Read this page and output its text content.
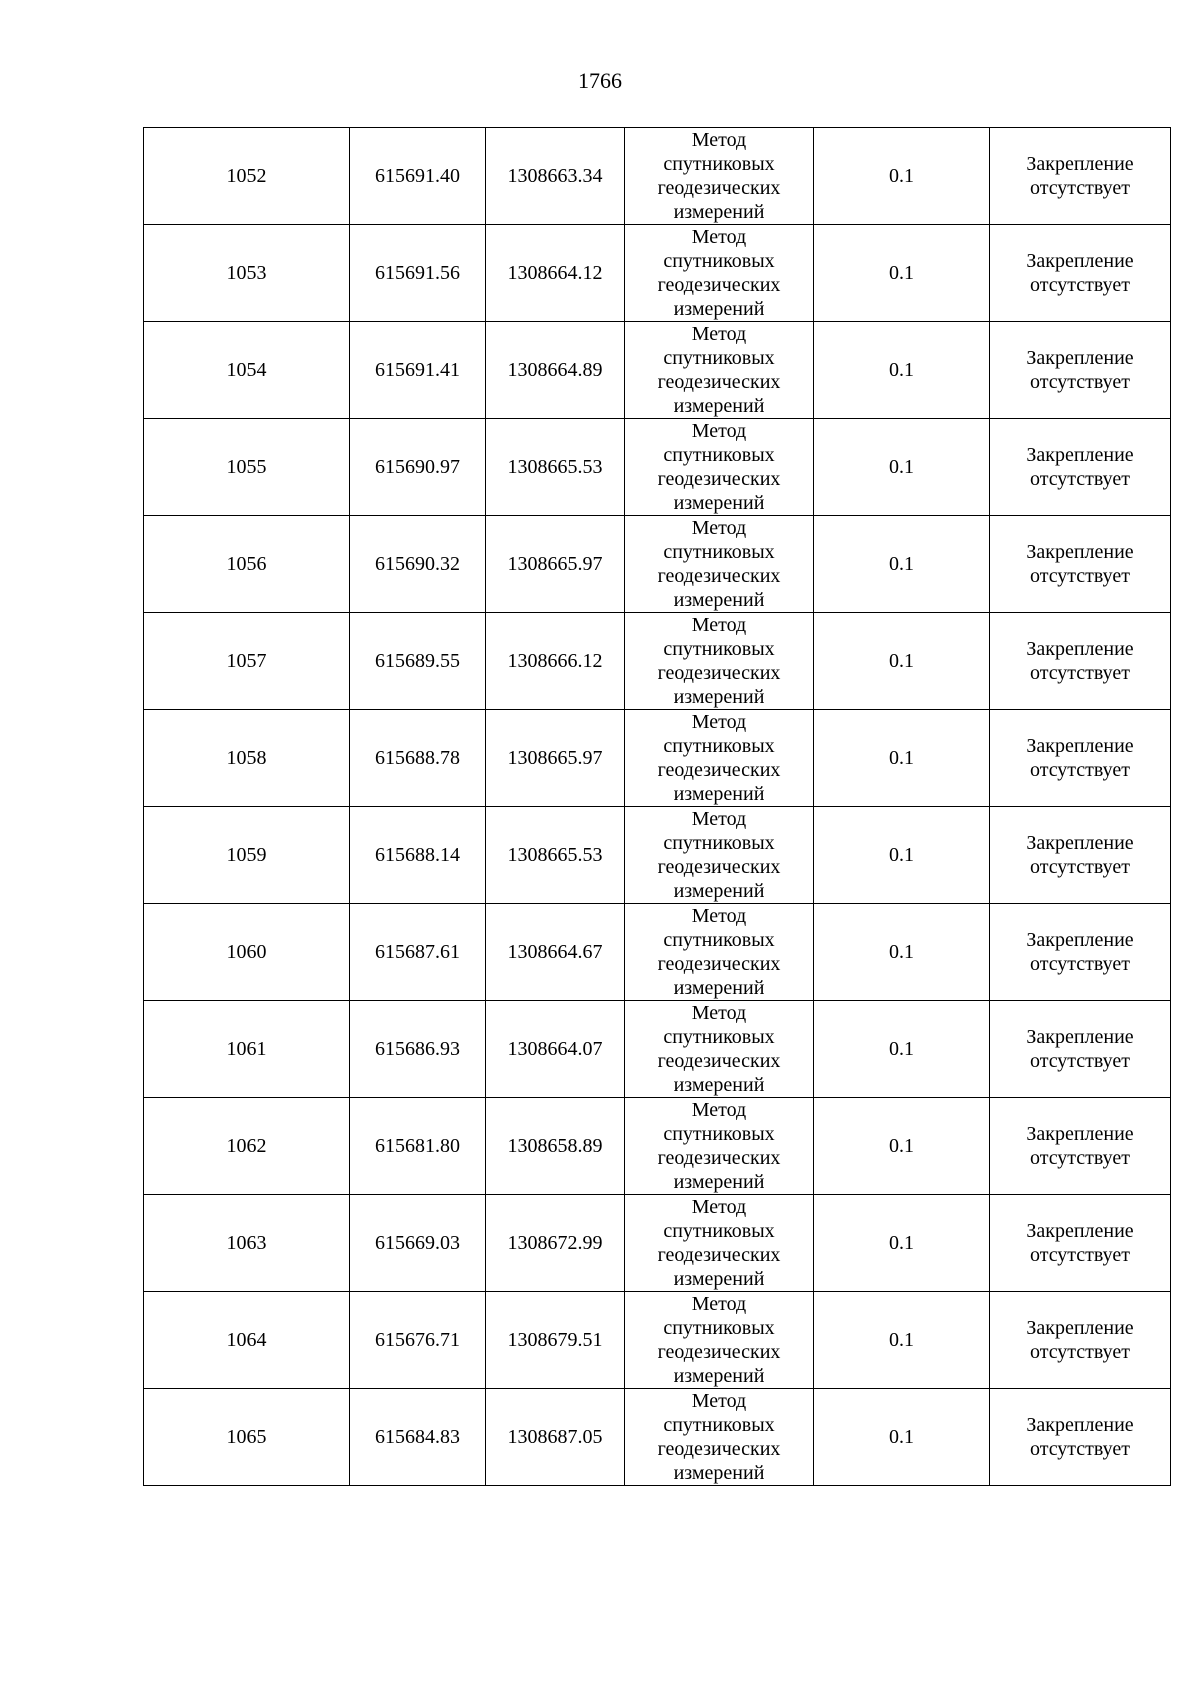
1766
1052	615691.40	1308663.34	Метод
спутниковых
геодезических
измерений	0.1	Закрепление
отсутствует
1053	615691.56	1308664.12	Метод
спутниковых
геодезических
измерений	0.1	Закрепление
отсутствует
1054	615691.41	1308664.89	Метод
спутниковых
геодезических
измерений	0.1	Закрепление
отсутствует
1055	615690.97	1308665.53	Метод
спутниковых
геодезических
измерений	0.1	Закрепление
отсутствует
1056	615690.32	1308665.97	Метод
спутниковых
геодезических
измерений	0.1	Закрепление
отсутствует
1057	615689.55	1308666.12	Метод
спутниковых
геодезических
измерений	0.1	Закрепление
отсутствует
1058	615688.78	1308665.97	Метод
спутниковых
геодезических
измерений	0.1	Закрепление
отсутствует
1059	615688.14	1308665.53	Метод
спутниковых
геодезических
измерений	0.1	Закрепление
отсутствует
1060	615687.61	1308664.67	Метод
спутниковых
геодезических
измерений	0.1	Закрепление
отсутствует
1061	615686.93	1308664.07	Метод
спутниковых
геодезических
измерений	0.1	Закрепление
отсутствует
1062	615681.80	1308658.89	Метод
спутниковых
геодезических
измерений	0.1	Закрепление
отсутствует
1063	615669.03	1308672.99	Метод
спутниковых
геодезических
измерений	0.1	Закрепление
отсутствует
1064	615676.71	1308679.51	Метод
спутниковых
геодезических
измерений	0.1	Закрепление
отсутствует
1065	615684.83	1308687.05	Метод
спутниковых
геодезических
измерений	0.1	Закрепление
отсутствует
